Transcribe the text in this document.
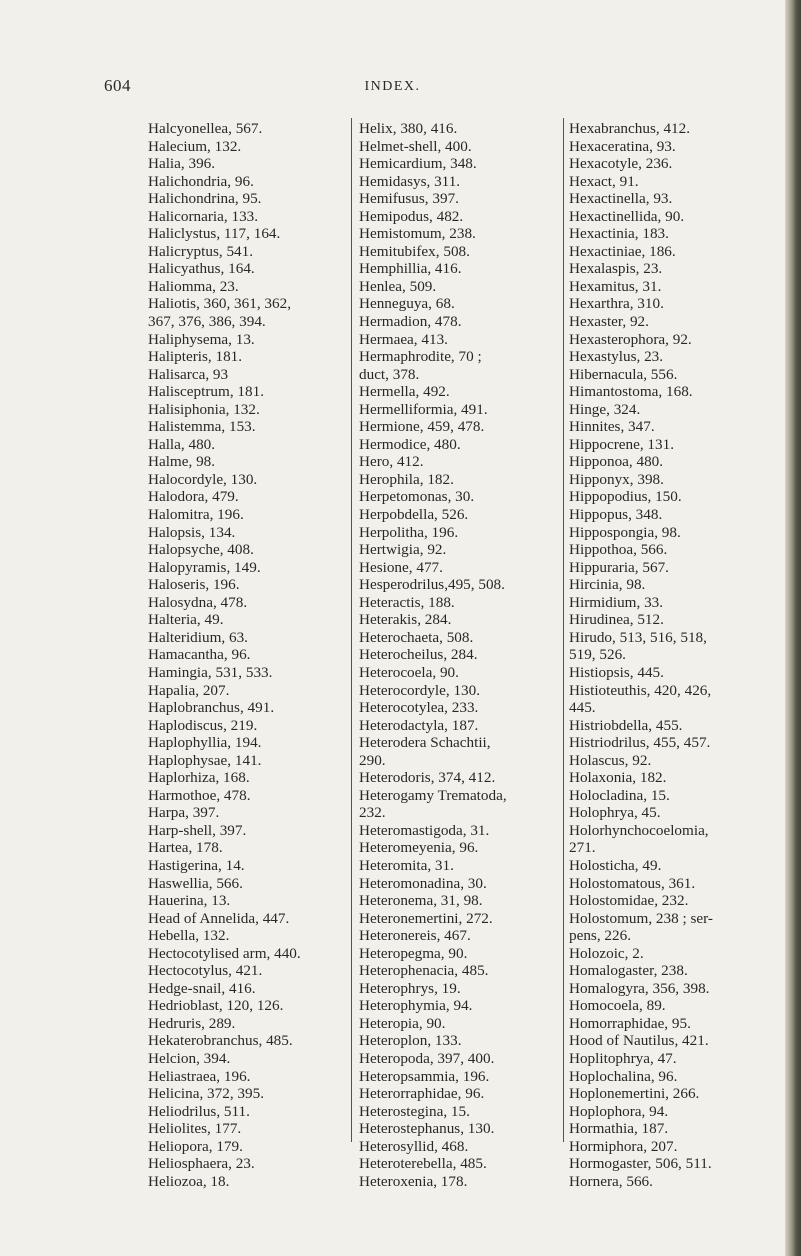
604	INDEX.
Halcyonellea, 567.
Halecium, 132.
Halia, 396.
Halichondria, 96.
Halichondrina, 95.
Halicornaria, 133.
Haliclystus, 117, 164.
Halicryptus, 541.
Halicyathus, 164.
Haliomma, 23.
Haliotis, 360, 361, 362,
367, 376, 386, 394.
Haliphysema, 13.
Halipteris, 181.
Halisarca, 93
Halisceptrum, 181.
Halisiphonia, 132.
Halistemma, 153.
Halla, 480.
Halme, 98.
Halocordyle, 130.
Halodora, 479.
Halomitra, 196.
Halopsis, 134.
Halopsyche, 408.
Halopyramis, 149.
Haloseris, 196.
Halosydna, 478.
Halteria, 49.
Halteridium, 63.
Hamacantha, 96.
Hamingia, 531, 533.
Hapalia, 207.
Haplobranchus, 491.
Haplodiscus, 219.
Haplophyllia, 194.
Haplophysae, 141.
Haplorhiza, 168.
Harmothoe, 478.
Harpa, 397.
Harp-shell, 397.
Hartea, 178.
Hastigerina, 14.
Haswellia, 566.
Hauerina, 13.
Head of Annelida, 447.
Hebella, 132.
Hectocotylised arm, 440.
Hectocotylus, 421.
Hedge-snail, 416.
Hedrioblast, 120, 126.
Hedruris, 289.
Hekaterobranchus, 485.
Helcion, 394.
Heliastraea, 196.
Helicina, 372, 395.
Heliodrilus, 511.
Heliolites, 177.
Heliopora, 179.
Heliosphaera, 23.
Heliozoa, 18.
Helix, 380, 416.
Helmet-shell, 400.
Hemicardium, 348.
Hemidasys, 311.
Hemifusus, 397.
Hemipodus, 482.
Hemistomum, 238.
Hemitubifex, 508.
Hemphillia, 416.
Henlea, 509.
Henneguya, 68.
Hermadion, 478.
Hermaea, 413.
Hermaphrodite, 70 ;
duct, 378.
Hermella, 492.
Hermelliformia, 491.
Hermione, 459, 478.
Hermodice, 480.
Hero, 412.
Herophila, 182.
Herpetomonas, 30.
Herpobdella, 526.
Herpolitha, 196.
Hertwigia, 92.
Hesione, 477.
Hesperodrilus,495, 508.
Heteractis, 188.
Heterakis, 284.
Heterochaeta, 508.
Heterocheilus, 284.
Heterocoela, 90.
Heterocordyle, 130.
Heterocotylea, 233.
Heterodactyla, 187.
Heterodera Schachtii,
290.
Heterodoris, 374, 412.
Heterogamy Trematoda,
232.
Heteromastigoda, 31.
Heteromeyenia, 96.
Heteromita, 31.
Heteromonadina, 30.
Heteronema, 31, 98.
Heteronemertini, 272.
Heteronereis, 467.
Heteropegma, 90.
Heterophenacia, 485.
Heterophrys, 19.
Heterophymia, 94.
Heteropia, 90.
Heteroplon, 133.
Heteropoda, 397, 400.
Heteropsammia, 196.
Heterorraphidae, 96.
Heterostegina, 15.
Heterostephanus, 130.
Heterosyllid, 468.
Heteroterebella, 485.
Heteroxenia, 178.
Hexabranchus, 412.
Hexaceratina, 93.
Hexacotyle, 236.
Hexact, 91.
Hexactinella, 93.
Hexactinellida, 90.
Hexactinia, 183.
Hexactiniae, 186.
Hexalaspis, 23.
Hexamitus, 31.
Hexarthra, 310.
Hexaster, 92.
Hexasterophora, 92.
Hexastylus, 23.
Hibernacula, 556.
Himantostoma, 168.
Hinge, 324.
Hinnites, 347.
Hippocrene, 131.
Hipponoa, 480.
Hipponyx, 398.
Hippopodius, 150.
Hippopus, 348.
Hippospongia, 98.
Hippothoa, 566.
Hippuraria, 567.
Hircinia, 98.
Hirmidium, 33.
Hirudinea, 512.
Hirudo, 513, 516, 518,
519, 526.
Histiopsis, 445.
Histioteuthis, 420, 426,
445.
Histriobdella, 455.
Histriodrilus, 455, 457.
Holascus, 92.
Holaxonia, 182.
Holocladina, 15.
Holophrya, 45.
Holorhynchocoelomia,
271.
Holosticha, 49.
Holostomatous, 361.
Holostomidae, 232.
Holostomum, 238 ; ser-
pens, 226.
Holozoic, 2.
Homalogaster, 238.
Homalogyra, 356, 398.
Homocoela, 89.
Homorraphidae, 95.
Hood of Nautilus, 421.
Hoplitophrya, 47.
Hoplochalina, 96.
Hoplonemertini, 266.
Hoplophora, 94.
Hormathia, 187.
Hormiphora, 207.
Hormogaster, 506, 511.
Hornera, 566.
